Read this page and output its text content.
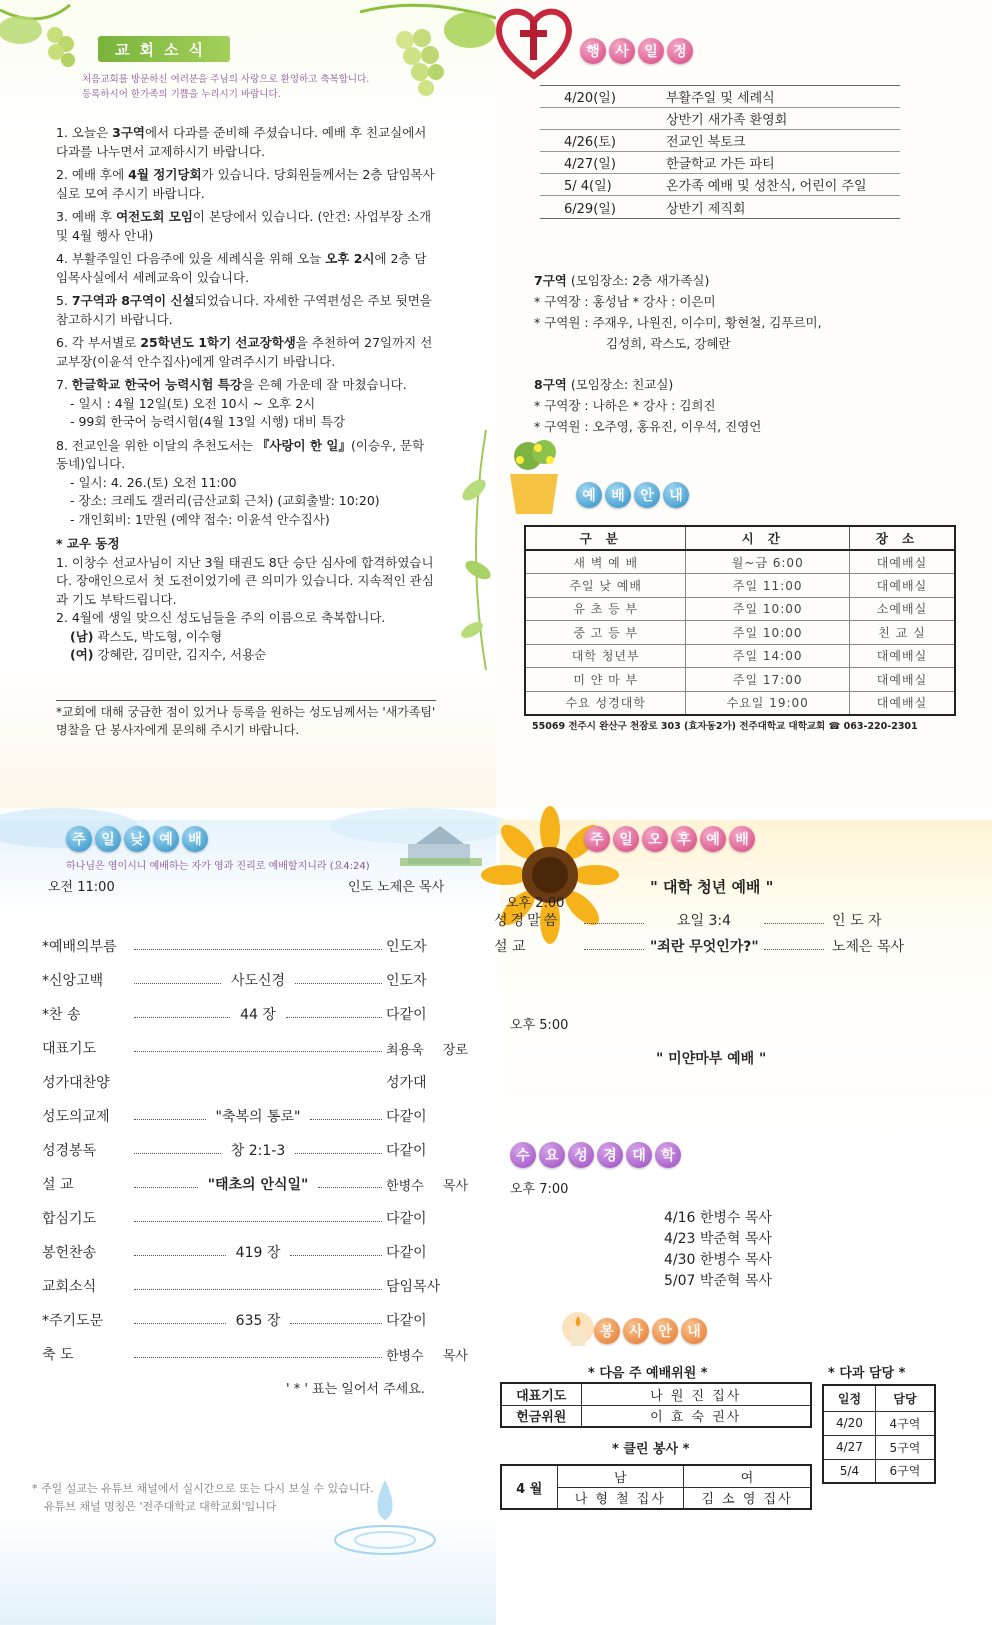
교회소식
처음교회를 방문하신 여러분을 주님의 사랑으로 환영하고 축복합니다.
등록하시어 한가족의 기쁨을 누리시기 바랍니다.
1. 오늘은 3구역에서 다과를 준비해 주셨습니다. 예배 후 친교실에서 다과를 나누면서 교제하시기 바랍니다.
2. 예배 후에 4월 정기당회가 있습니다. 당회원들께서는 2층 담임목사실로 모여 주시기 바랍니다.
3. 예배 후 여전도회 모임이 본당에서 있습니다. (안건: 사업부장 소개 및 4월 행사 안내)
4. 부활주일인 다음주에 있을 세례식을 위해 오늘 오후 2시에 2층 담임목사실에서 세례교육이 있습니다.
5. 7구역과 8구역이 신설되었습니다. 자세한 구역편성은 주보 뒷면을 참고하시기 바랍니다.
6. 각 부서별로 25학년도 1학기 선교장학생을 추천하여 27일까지 선교부장(이윤석 안수집사)에게 알려주시기 바랍니다.
7. 한글학교 한국어 능력시험 특강을 은혜 가운데 잘 마쳤습니다.
- 일시 : 4월 12일(토) 오전 10시 ~ 오후 2시
- 99회 한국어 능력시험(4월 13일 시행) 대비 특강
8. 전교인을 위한 이달의 추천도서는 『사랑이 한 일』(이승우, 문학동네)입니다.
- 일시: 4. 26.(토) 오전 11:00
- 장소: 크레도 갤러리(금산교회 근처) (교회출발: 10:20)
- 개인회비: 1만원 (예약 접수: 이윤석 안수집사)
* 교우 동정
1. 이창수 선교사님이 지난 3월 태권도 8단 승단 심사에 합격하였습니다. 장애인으로서 첫 도전이었기에 큰 의미가 있습니다. 지속적인 관심과 기도 부탁드립니다.
2. 4월에 생일 맞으신 성도님들을 주의 이름으로 축복합니다.
(남) 곽스도, 박도형, 이수형
(여) 강혜란, 김미란, 김지수, 서용순
*교회에 대해 궁금한 점이 있거나 등록을 원하는 성도님께서는 '새가족팀' 명찰을 단 봉사자에게 문의해 주시기 바랍니다.
행	사	일	정
4/20(일)	부활주일 및 세례식
상반기 새가족 환영회
4/26(토)	전교인 북토크
4/27(일)	한글학교 가든 파티
5/ 4(일)	온가족 예배 및 성찬식, 어린이 주일
6/29(일)	상반기 제직회
7구역 (모임장소: 2층 새가족실)
* 구역장 : 홍성남 * 강사 : 이은미
* 구역원 : 주재우, 나원진, 이수미, 황현철, 김푸르미,
김성희, 곽스도, 강혜란
8구역 (모임장소: 친교실)
* 구역장 : 나하은 * 강사 : 김희진
* 구역원 : 오주영, 홍유진, 이우석, 진영언
예	배	안	내
구분	시간	장소
새 벽 예 배	월~금 6:00	대예배실
주일 낮 예배	주일 11:00	대예배실
유 초 등 부	주일 10:00	소예배실
중 고 등 부	주일 10:00	친 교 실
대학 청년부	주일 14:00	대예배실
미 얀 마 부	주일 17:00	대예배실
수요 성경대학	수요일 19:00	대예배실
55069 전주시 완산구 천잠로 303 (효자동2가) 전주대학교 대학교회 ☎ 063-220-2301
주	일	낮	예	배
하나님은 영이시니 예배하는 자가 영과 진리로 예배할지니라 (요4:24)
오전 11:00	인도 노제은 목사
*예배의부름	인도자
*신앙고백	사도신경	인도자
*찬 송	44 장	다같이
대표기도	최용욱 장로
성가대찬양	성가대
성도의교제	"축복의 통로"	다같이
성경봉독	창 2:1-3	다같이
설 교	"태초의 안식일"	한병수 목사
합심기도	다같이
봉헌찬송	419 장	다같이
교회소식	담임목사
*주기도문	635 장	다같이
축 도	한병수 목사
' * ' 표는 일어서 주세요.
* 주일 설교는 유튜브 채널에서 실시간으로 또는 다시 보실 수 있습니다.
유튜브 채널 명칭은 '전주대학교 대학교회'입니다
주	일	오	후	예	배
오후 2:00
" 대학 청년 예배 "
성경말씀	요일 3:4	인 도 자
설 교	"죄란 무엇인가?"	노제은 목사
오후 5:00
" 미얀마부 예배 "
수	요	성	경	대	학
오후 7:00
4/16 한병수 목사
4/23 박준혁 목사
4/30 한병수 목사
5/07 박준혁 목사
봉	사	안	내
* 다음 주 예배위원 *
대표기도	나 원 진 집사
헌금위원	이 효 숙 권사
* 클린 봉사 *
4 월	남	여
	나 형 철 집사	김 소 영 집사
* 다과 담당 *
일정	담당
4/20	4구역
4/27	5구역
5/4	6구역
